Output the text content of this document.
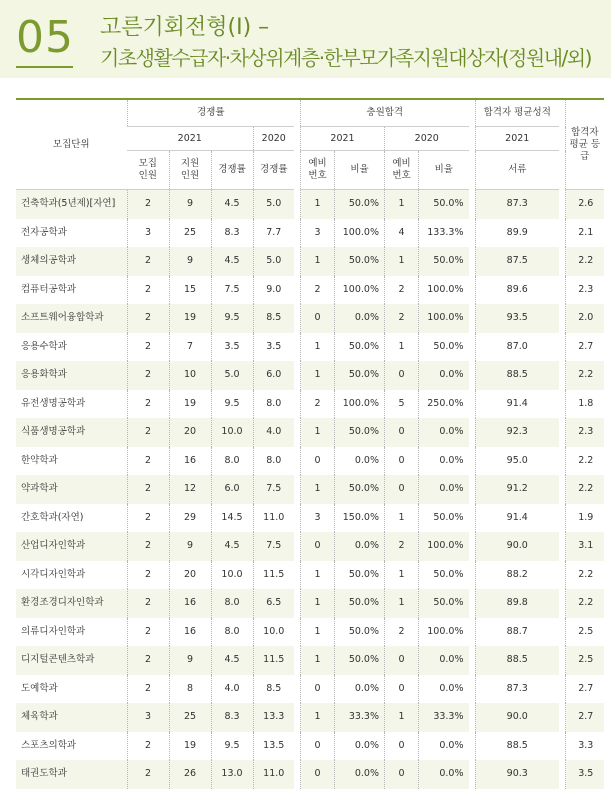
05 고른기회전형(I) –
기초생활수급자·차상위계층·한부모가족지원대상자(정원내/외)
모집단위	경쟁률					충원합격					합격자 평균성적		합격자 평균 등급
	2021			2020		2021		2020			2021		
	모집 인원	지원 인원	경쟁률	경쟁률		예비 번호	비율	예비 번호	비율		서류		
건축학과(5년제)[자연]	2	9	4.5	5.0		1	50.0%	1	50.0%		87.3		2.6
전자공학과	3	25	8.3	7.7		3	100.0%	4	133.3%		89.9		2.1
생체의공학과	2	9	4.5	5.0		1	50.0%	1	50.0%		87.5		2.2
컴퓨터공학과	2	15	7.5	9.0		2	100.0%	2	100.0%		89.6		2.3
소프트웨어융합학과	2	19	9.5	8.5		0	0.0%	2	100.0%		93.5		2.0
응용수학과	2	7	3.5	3.5		1	50.0%	1	50.0%		87.0		2.7
응용화학과	2	10	5.0	6.0		1	50.0%	0	0.0%		88.5		2.2
유전생명공학과	2	19	9.5	8.0		2	100.0%	5	250.0%		91.4		1.8
식품생명공학과	2	20	10.0	4.0		1	50.0%	0	0.0%		92.3		2.3
한약학과	2	16	8.0	8.0		0	0.0%	0	0.0%		95.0		2.2
약과학과	2	12	6.0	7.5		1	50.0%	0	0.0%		91.2		2.2
간호학과(자연)	2	29	14.5	11.0		3	150.0%	1	50.0%		91.4		1.9
산업디자인학과	2	9	4.5	7.5		0	0.0%	2	100.0%		90.0		3.1
시각디자인학과	2	20	10.0	11.5		1	50.0%	1	50.0%		88.2		2.2
환경조경디자인학과	2	16	8.0	6.5		1	50.0%	1	50.0%		89.8		2.2
의류디자인학과	2	16	8.0	10.0		1	50.0%	2	100.0%		88.7		2.5
디지털콘텐츠학과	2	9	4.5	11.5		1	50.0%	0	0.0%		88.5		2.5
도예학과	2	8	4.0	8.5		0	0.0%	0	0.0%		87.3		2.7
체육학과	3	25	8.3	13.3		1	33.3%	1	33.3%		90.0		2.7
스포츠의학과	2	19	9.5	13.5		0	0.0%	0	0.0%		88.5		3.3
태권도학과	2	26	13.0	11.0		0	0.0%	0	0.0%		90.3		3.5
